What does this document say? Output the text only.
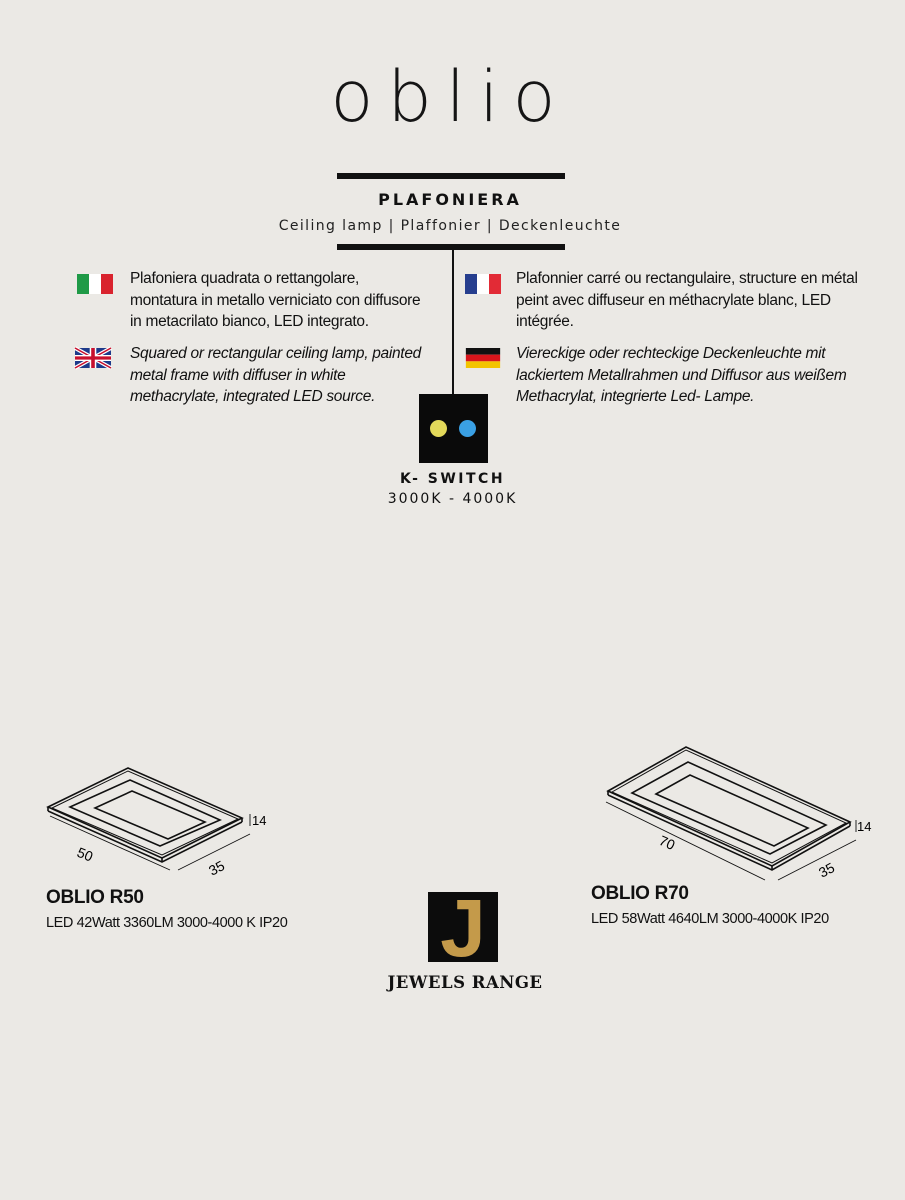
oblio
PLAFONIERA
Ceiling lamp | Plaffonier | Deckenleuchte
Plafoniera quadrata o rettangolare, montatura in metallo verniciato con diffusore in metacrilato bianco, LED integrato.
Squared or rectangular ceiling lamp, painted metal frame with diffuser in white methacrylate, integrated LED source.
Plafonnier carré ou rectangulaire, structure en métal peint avec diffuseur en méthacrylate blanc, LED intégrée.
Viereckige oder rechteckige Deckenleuchte mit lackiertem Metallrahmen und Diffusor aus weißem Methacrylat, integrierte Led- Lampe.
K- SWITCH
3000K - 4000K
50
35
14
OBLIO R50
LED 42Watt 3360LM 3000-4000 K IP20
70
35
14
OBLIO R70
LED 58Watt 4640LM 3000-4000K IP20
J
JEWELS RANGE
